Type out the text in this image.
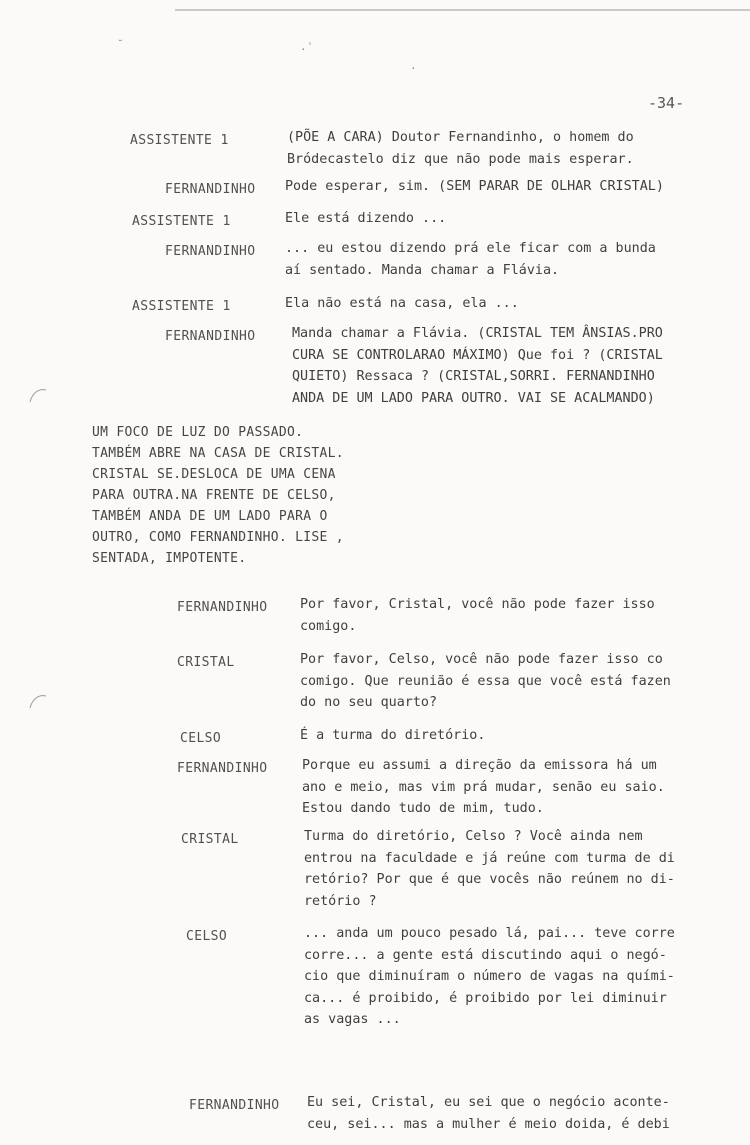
˘	.ˈ
·
-34-
ASSISTENTE 1	(PÕE A CARA) Doutor Fernandinho, o homem do
Bródecastelo diz que não pode mais esperar.
FERNANDINHO Pode esperar, sim. (SEM PARAR DE OLHAR CRISTAL)
ASSISTENTE 1	Ele está dizendo ...
FERNANDINHO ... eu estou dizendo prá ele ficar com a bunda
aí sentado. Manda chamar a Flávia.
ASSISTENTE 1	Ela não está na casa, ela ...
FERNANDINHO	Manda chamar a Flávia. (CRISTAL TEM ÂNSIAS.PRO
CURA SE CONTROLARAO MÁXIMO) Que foi ? (CRISTAL
QUIETO) Ressaca ? (CRISTAL,SORRI. FERNANDINHO
ANDA DE UM LADO PARA OUTRO. VAI SE ACALMANDO)
UM FOCO DE LUZ DO PASSADO.
TAMBÉM ABRE NA CASA DE CRISTAL.
CRISTAL SE.DESLOCA DE UMA CENA
PARA OUTRA.NA FRENTE DE CELSO,
TAMBÉM ANDA DE UM LADO PARA O
OUTRO, COMO FERNANDINHO. LISE ,
SENTADA, IMPOTENTE.
FERNANDINHO Por favor, Cristal, você não pode fazer isso
comigo.
CRISTAL	Por favor, Celso, você não pode fazer isso co
comigo. Que reunião é essa que você está fazen
do no seu quarto?
CELSO	É a turma do diretório.
FERNANDINHO	Porque eu assumi a direção da emissora há um
ano e meio, mas vim prá mudar, senão eu saio.
Estou dando tudo de mim, tudo.
CRISTAL	Turma do diretório, Celso ? Você ainda nem
entrou na faculdade e já reúne com turma de di
retório? Por que é que vocês não reúnem no di-
retório ?
CELSO	... anda um pouco pesado lá, pai... teve corre
corre... a gente está discutindo aqui o negó-
cio que diminuíram o número de vagas na quími-
ca... é proibido, é proibido por lei diminuir
as vagas ...
FERNANDINHO Eu sei, Cristal, eu sei que o negócio aconte-
ceu, sei... mas a mulher é meio doida, é debi
